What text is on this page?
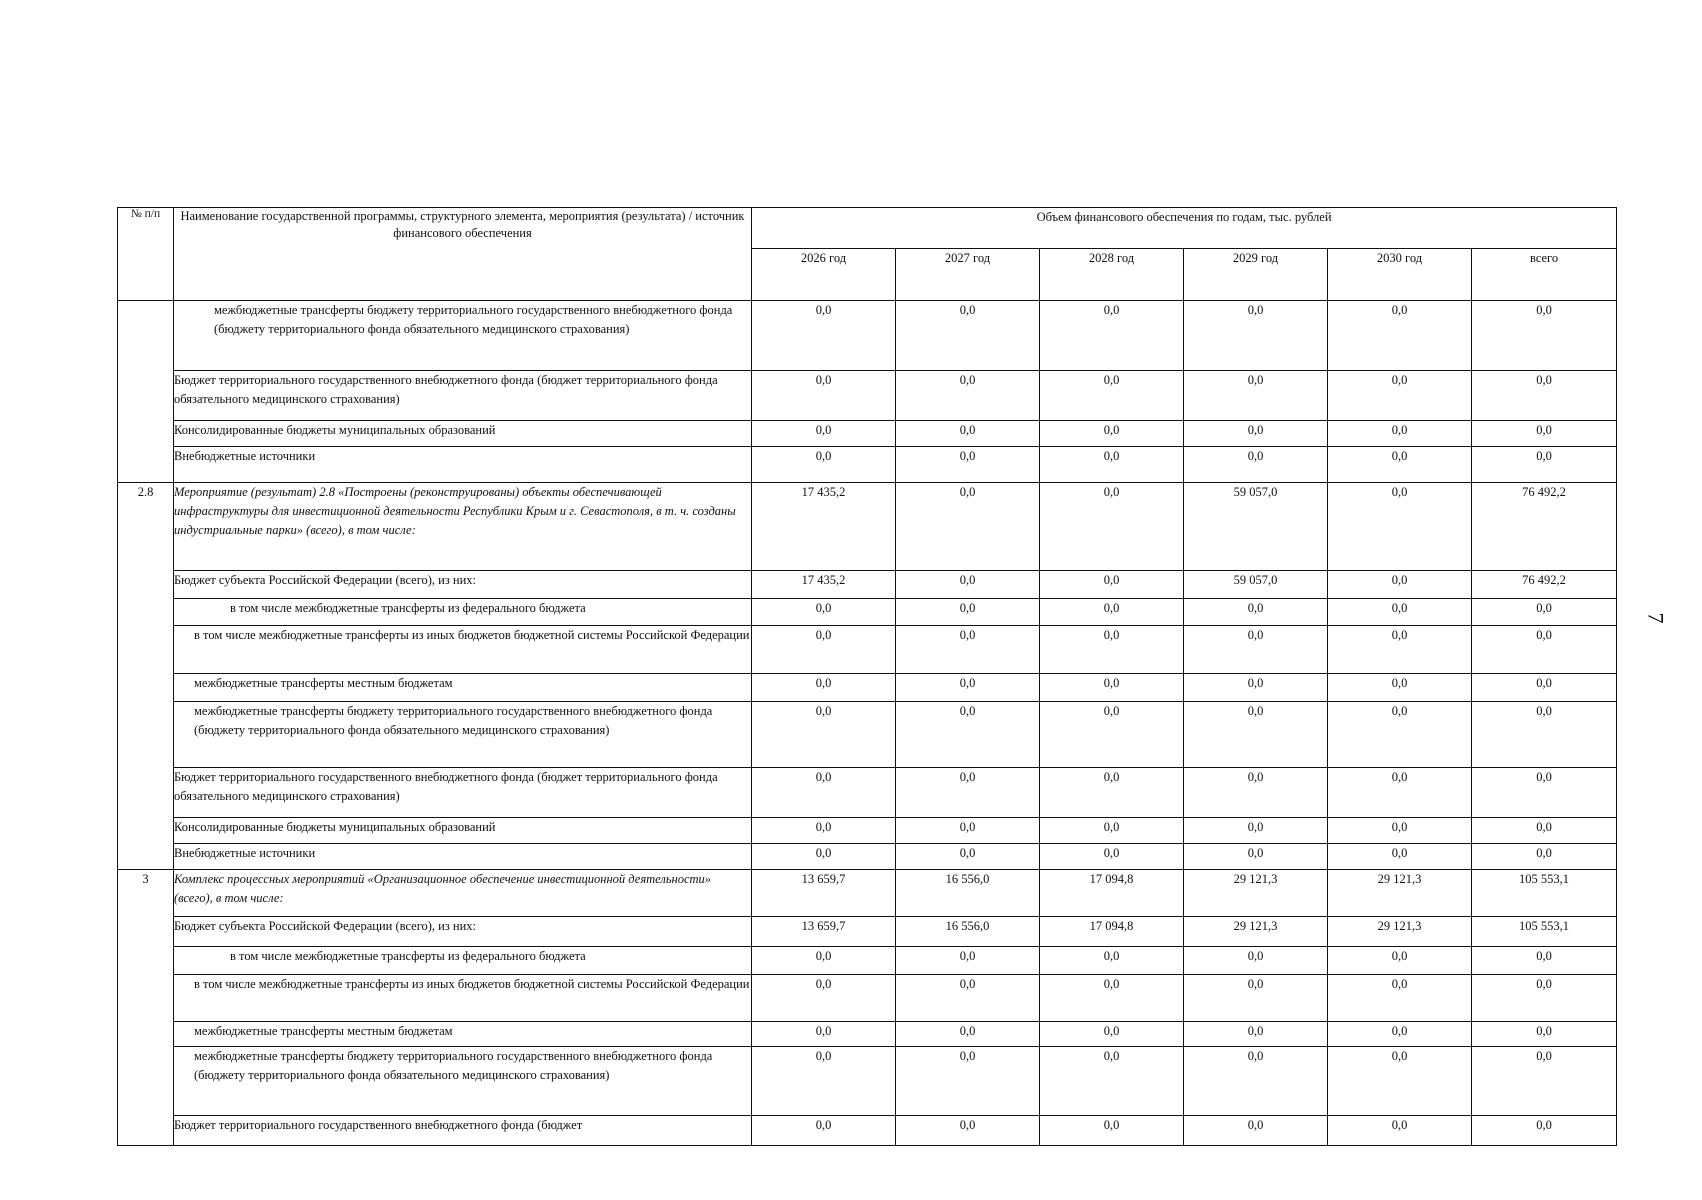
7
№ п/п	Наименование государственной программы, структурного элемента, мероприятия (результата) / источник финансового обеспечения	Объем финансового обеспечения по годам, тыс. рублей					
		2026 год	2027 год	2028 год	2029 год	2030 год	всего
	межбюджетные трансферты бюджету территориального государственного внебюджетного фонда (бюджету территориального фонда обязательного медицинского страхования)	0,0	0,0	0,0	0,0	0,0	0,0
	Бюджет территориального государственного внебюджетного фонда (бюджет территориального фонда обязательного медицинского страхования)	0,0	0,0	0,0	0,0	0,0	0,0
	Консолидированные бюджеты муниципальных образований	0,0	0,0	0,0	0,0	0,0	0,0
	Внебюджетные источники	0,0	0,0	0,0	0,0	0,0	0,0
2.8	Мероприятие (результат) 2.8 «Построены (реконструированы) объекты обеспечивающей инфраструктуры для инвестиционной деятельности Республики Крым и г. Севастополя, в т. ч. созданы индустриальные парки» (всего), в том числе:	17 435,2	0,0	0,0	59 057,0	0,0	76 492,2
	Бюджет субъекта Российской Федерации (всего), из них:	17 435,2	0,0	0,0	59 057,0	0,0	76 492,2
	в том числе межбюджетные трансферты из федерального бюджета	0,0	0,0	0,0	0,0	0,0	0,0
	в том числе межбюджетные трансферты из иных бюджетов бюджетной системы Российской Федерации	0,0	0,0	0,0	0,0	0,0	0,0
	межбюджетные трансферты местным бюджетам	0,0	0,0	0,0	0,0	0,0	0,0
	межбюджетные трансферты бюджету территориального государственного внебюджетного фонда (бюджету территориального фонда обязательного медицинского страхования)	0,0	0,0	0,0	0,0	0,0	0,0
	Бюджет территориального государственного внебюджетного фонда (бюджет территориального фонда обязательного медицинского страхования)	0,0	0,0	0,0	0,0	0,0	0,0
	Консолидированные бюджеты муниципальных образований	0,0	0,0	0,0	0,0	0,0	0,0
	Внебюджетные источники	0,0	0,0	0,0	0,0	0,0	0,0
3	Комплекс процессных мероприятий «Организационное обеспечение инвестиционной деятельности» (всего), в том числе:	13 659,7	16 556,0	17 094,8	29 121,3	29 121,3	105 553,1
	Бюджет субъекта Российской Федерации (всего), из них:	13 659,7	16 556,0	17 094,8	29 121,3	29 121,3	105 553,1
	в том числе межбюджетные трансферты из федерального бюджета	0,0	0,0	0,0	0,0	0,0	0,0
	в том числе межбюджетные трансферты из иных бюджетов бюджетной системы Российской Федерации	0,0	0,0	0,0	0,0	0,0	0,0
	межбюджетные трансферты местным бюджетам	0,0	0,0	0,0	0,0	0,0	0,0
	межбюджетные трансферты бюджету территориального государственного внебюджетного фонда (бюджету территориального фонда обязательного медицинского страхования)	0,0	0,0	0,0	0,0	0,0	0,0
	Бюджет территориального государственного внебюджетного фонда (бюджет	0,0	0,0	0,0	0,0	0,0	0,0
